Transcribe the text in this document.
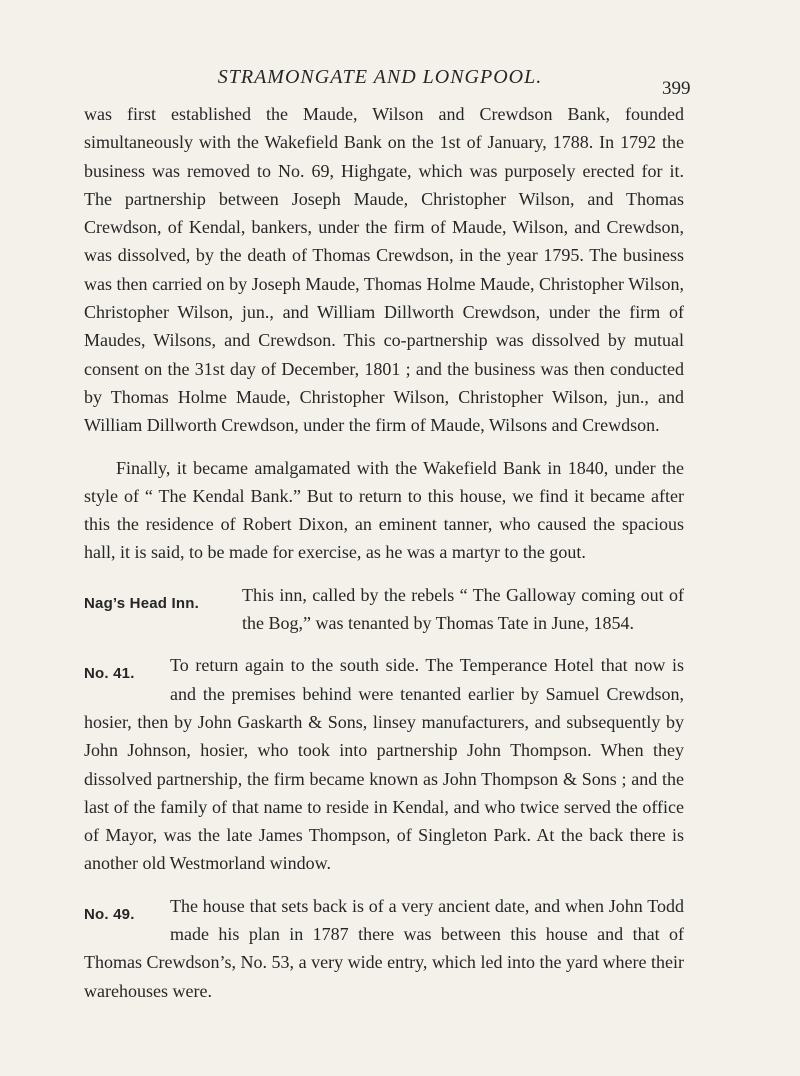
STRAMONGATE AND LONGPOOL.
399

was first established the Maude, Wilson and Crewdson Bank, founded simultaneously with the Wakefield Bank on the 1st of January, 1788. In 1792 the business was removed to No. 69, Highgate, which was purposely erected for it. The partnership between Joseph Maude, Christopher Wilson, and Thomas Crewdson, of Kendal, bankers, under the firm of Maude, Wilson, and Crewdson, was dissolved, by the death of Thomas Crewdson, in the year 1795. The business was then carried on by Joseph Maude, Thomas Holme Maude, Christopher Wilson, Christopher Wilson, jun., and William Dillworth Crewdson, under the firm of Maudes, Wilsons, and Crewdson. This co-partnership was dissolved by mutual consent on the 31st day of December, 1801 ; and the business was then conducted by Thomas Holme Maude, Christopher Wilson, Christopher Wilson, jun., and William Dillworth Crewdson, under the firm of Maude, Wilsons and Crewdson.

Finally, it became amalgamated with the Wakefield Bank in 1840, under the style of “ The Kendal Bank.” But to return to this house, we find it became after this the residence of Robert Dixon, an eminent tanner, who caused the spacious hall, it is said, to be made for exercise, as he was a martyr to the gout.

Nag’s Head Inn.	This inn, called by the rebels “ The Galloway coming out of the Bog,” was tenanted by Thomas Tate in June, 1854.
No. 41.	To return again to the south side. The Temperance Hotel that now is and the premises behind were tenanted earlier by Samuel Crewdson, hosier, then by John Gaskarth & Sons, linsey manufacturers, and subsequently by John Johnson, hosier, who took into partnership John Thompson. When they dissolved partnership, the firm became known as John Thompson & Sons ; and the last of the family of that name to reside in Kendal, and who twice served the office of Mayor, was the late James Thompson, of Singleton Park. At the back there is another old Westmorland window.
No. 49.	The house that sets back is of a very ancient date, and when John Todd made his plan in 1787 there was between this house and that of Thomas Crewdson’s, No. 53, a very wide entry, which led into the yard where their warehouses were.
